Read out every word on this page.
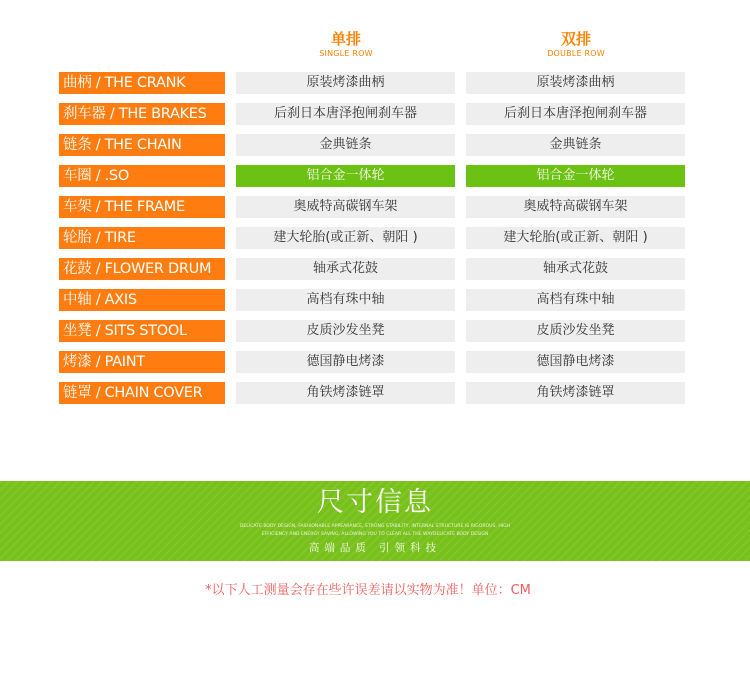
单排
SINGLE ROW
双排
DOUBLE ROW
曲柄 / THE CRANK	原装烤漆曲柄	原装烤漆曲柄
刹车器 / THE BRAKES	后刹日本唐泽抱闸刹车器	后刹日本唐泽抱闸刹车器
链条 / THE CHAIN	金典链条	金典链条
车圈 / .SO	铝合金一体轮	铝合金一体轮
车架 / THE FRAME	奥威特高碳钢车架	奥威特高碳钢车架
轮胎 / TIRE	建大轮胎(或正新、朝阳 )	建大轮胎(或正新、朝阳 )
花鼓 / FLOWER DRUM	轴承式花鼓	轴承式花鼓
中轴 / AXIS	高档有珠中轴	高档有珠中轴
坐凳 / SITS STOOL	皮质沙发坐凳	皮质沙发坐凳
烤漆 / PAINT	德国静电烤漆	德国静电烤漆
链罩 / CHAIN COVER	角铁烤漆链罩	角铁烤漆链罩
尺寸信息
DELICATE BODY DESIGN, FASHIONABLE APPEARANCE, STRONG STABILITY, INTERNAL STRUCTURE IS RIGOROUS, HIGH
EFFICIENCY AND ENERGY SAVING, ALLOWING YOU TO CLEAR ALL THE WAYDELICATE BODY DESIGN
高端品质 引领科技
*以下人工测量会存在些许误差请以实物为准！单位：CM
